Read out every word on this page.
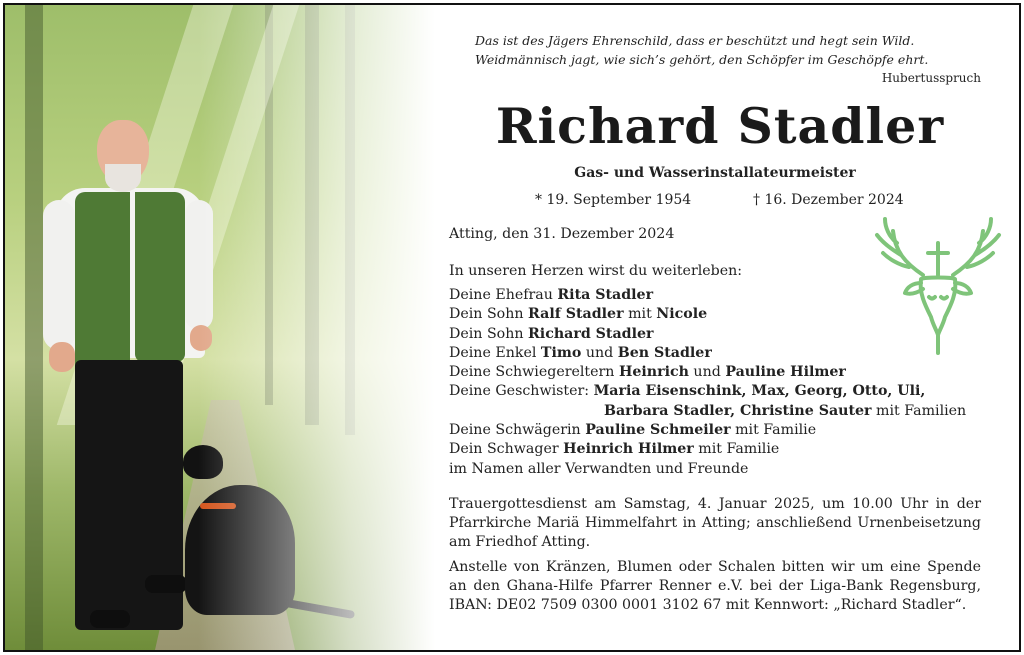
Das ist des Jägers Ehrenschild, dass er beschützt und hegt sein Wild.
Weidmännisch jagt, wie sich’s gehört, den Schöpfer im Geschöpfe ehrt.
Hubertusspruch
Richard Stadler
Gas- und Wasserinstallateurmeister
* 19. September 1954	† 16. Dezember 2024
Atting, den 31. Dezember 2024
In unseren Herzen wirst du weiterleben:
Deine Ehefrau Rita Stadler
Dein Sohn Ralf Stadler mit Nicole
Dein Sohn Richard Stadler
Deine Enkel Timo und Ben Stadler
Deine Schwiegereltern Heinrich und Pauline Hilmer
Deine Geschwister: Maria Eisenschink, Max, Georg, Otto, Uli,
Barbara Stadler, Christine Sauter mit Familien
Deine Schwägerin Pauline Schmeiler mit Familie
Dein Schwager Heinrich Hilmer mit Familie
im Namen aller Verwandten und Freunde

Trauergottesdienst am Samstag, 4. Januar 2025, um 10.00 Uhr in der Pfarrkirche Mariä Himmelfahrt in Atting; anschließend Urnenbeisetzung am Friedhof Atting.

Anstelle von Kränzen, Blumen oder Schalen bitten wir um eine Spende an den Ghana-Hilfe Pfarrer Renner e.V. bei der Liga-Bank Regensburg, IBAN: DE02 7509 0300 0001 3102 67 mit Kennwort: „Richard Stadler“.
